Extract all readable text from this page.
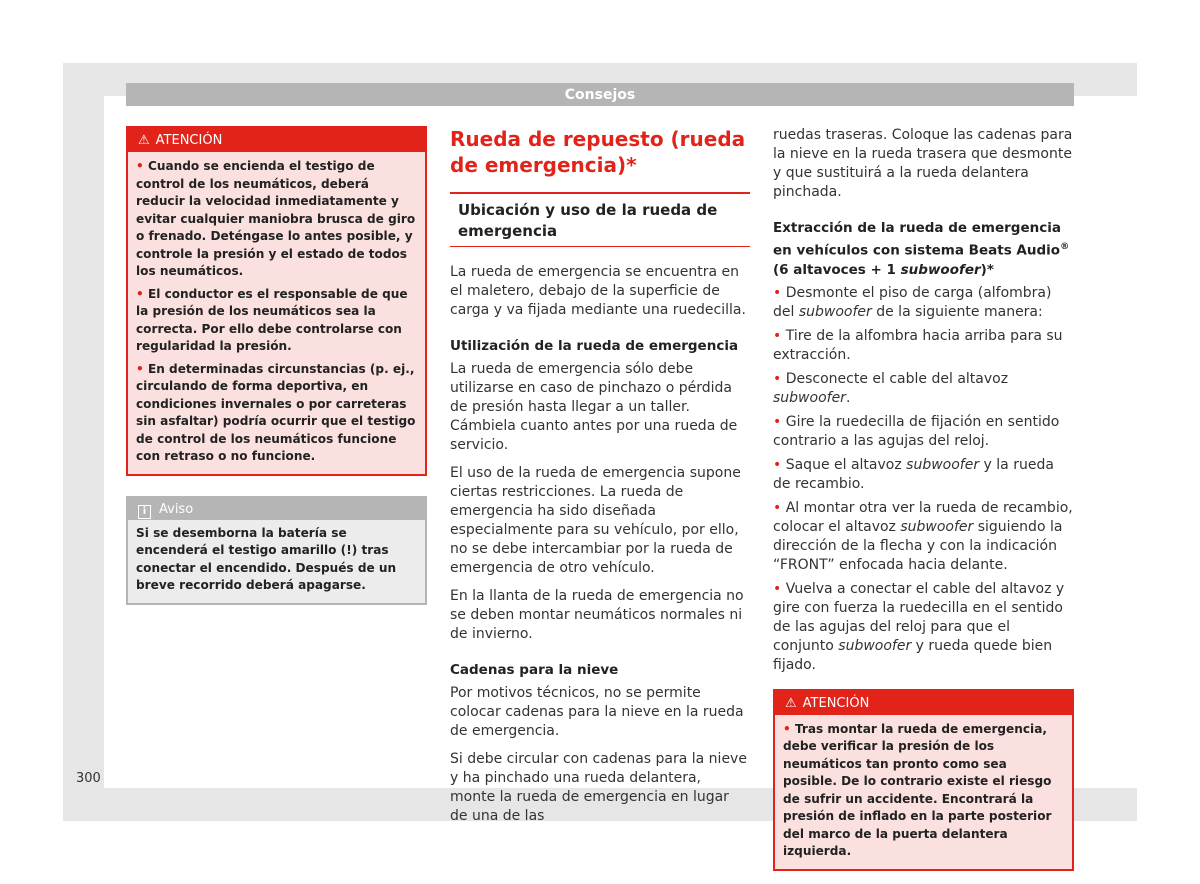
Consejos
⚠ ATENCIÓN

• Cuando se encienda el testigo de control de los neumáticos, deberá reducir la velocidad inmediatamente y evitar cualquier maniobra brusca de giro o frenado. Deténgase lo antes posible, y controle la presión y el estado de todos los neumáticos.

• El conductor es el responsable de que la presión de los neumáticos sea la correcta. Por ello debe controlarse con regularidad la presión.

• En determinadas circunstancias (p. ej., circulando de forma deportiva, en condiciones invernales o por carreteras sin asfaltar) podría ocurrir que el testigo de control de los neumáticos funcione con retraso o no funcione.

i Aviso
Si se desemborna la batería se encenderá el testigo amarillo (!) tras conectar el encendido. Después de un breve recorrido deberá apagarse.
Rueda de repuesto (rueda de emergencia)*
Ubicación y uso de la rueda de emergencia

La rueda de emergencia se encuentra en el maletero, debajo de la superficie de carga y va fijada mediante una ruedecilla.

Utilización de la rueda de emergencia

La rueda de emergencia sólo debe utilizarse en caso de pinchazo o pérdida de presión hasta llegar a un taller. Cámbiela cuanto antes por una rueda de servicio.

El uso de la rueda de emergencia supone ciertas restricciones. La rueda de emergencia ha sido diseñada especialmente para su vehículo, por ello, no se debe intercambiar por la rueda de emergencia de otro vehículo.

En la llanta de la rueda de emergencia no se deben montar neumáticos normales ni de invierno.

Cadenas para la nieve

Por motivos técnicos, no se permite colocar cadenas para la nieve en la rueda de emergencia.

Si debe circular con cadenas para la nieve y ha pinchado una rueda delantera, monte la rueda de emergencia en lugar de una de las

ruedas traseras. Coloque las cadenas para la nieve en la rueda trasera que desmonte y que sustituirá a la rueda delantera pinchada.

Extracción de la rueda de emergencia en vehículos con sistema Beats Audio® (6 altavoces + 1 subwoofer)*
• Desmonte el piso de carga (alfombra) del subwoofer de la siguiente manera:
• Tire de la alfombra hacia arriba para su extracción.
• Desconecte el cable del altavoz subwoofer.
• Gire la ruedecilla de fijación en sentido contrario a las agujas del reloj.
• Saque el altavoz subwoofer y la rueda de recambio.
• Al montar otra ver la rueda de recambio, colocar el altavoz subwoofer siguiendo la dirección de la flecha y con la indicación “FRONT” enfocada hacia delante.
• Vuelva a conectar el cable del altavoz y gire con fuerza la ruedecilla en el sentido de las agujas del reloj para que el conjunto subwoofer y rueda quede bien fijado.
⚠ ATENCIÓN

• Tras montar la rueda de emergencia, debe verificar la presión de los neumáticos tan pronto como sea posible. De lo contrario existe el riesgo de sufrir un accidente. Encontrará la presión de inflado en la parte posterior del marco de la puerta delantera izquierda.

300
